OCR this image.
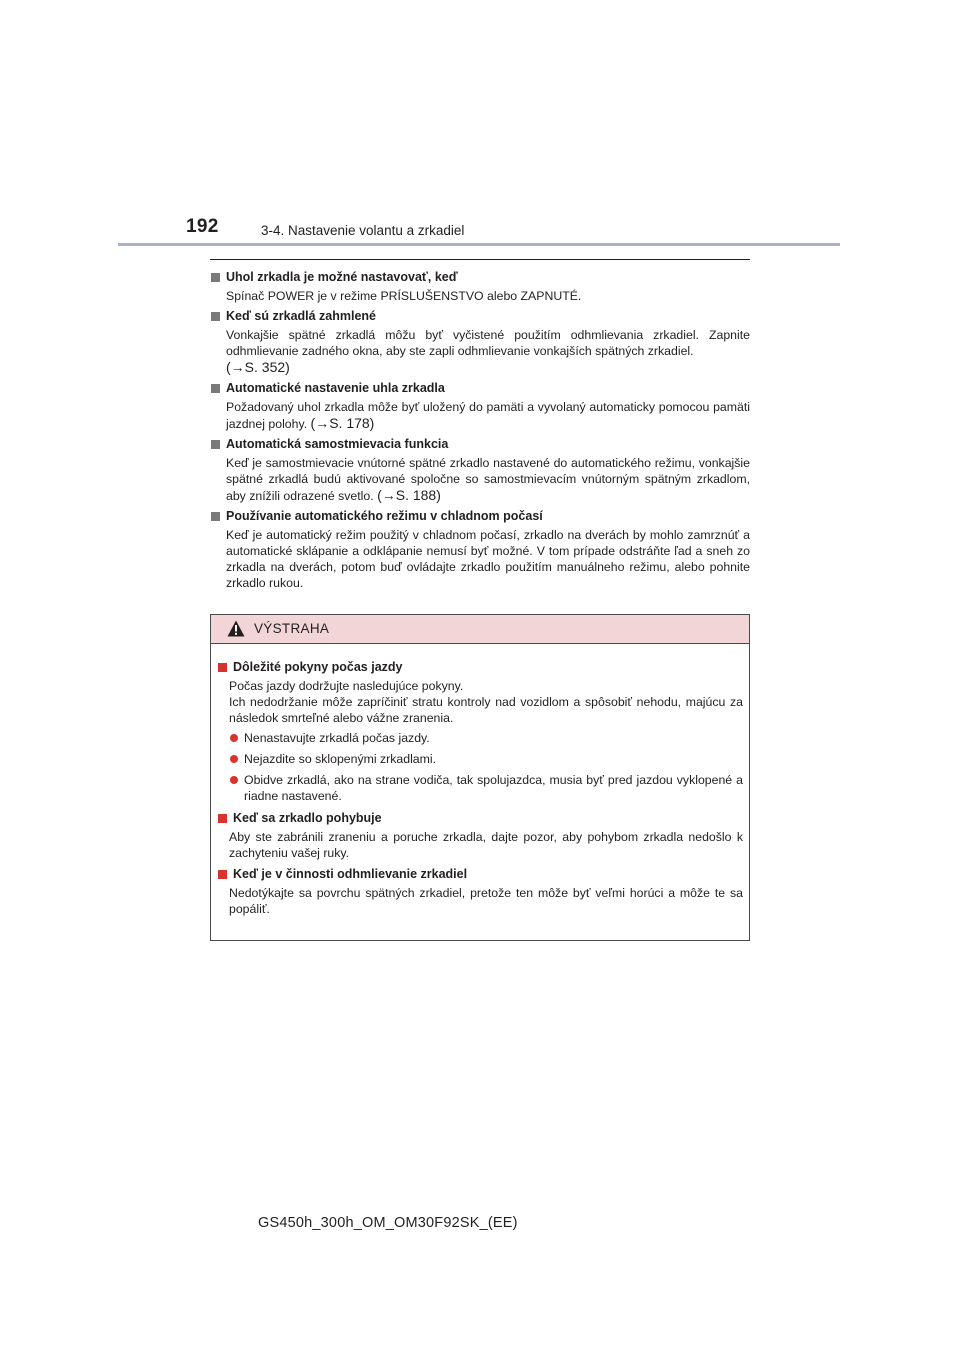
192	3-4. Nastavenie volantu a zrkadiel
Uhol zrkadla je možné nastavovať, keď

Spínač POWER je v režime PRÍSLUŠENSTVO alebo ZAPNUTÉ.

Keď sú zrkadlá zahmlené

Vonkajšie spätné zrkadlá môžu byť vyčistené použitím odhmlievania zrkadiel. Zapnite odhmlievanie zadného okna, aby ste zapli odhmlievanie vonkajších spätných zrkadiel.

(→S. 352)

Automatické nastavenie uhla zrkadla

Požadovaný uhol zrkadla môže byť uložený do pamäti a vyvolaný automaticky pomocou pamäti jazdnej polohy. (→S. 178)

Automatická samostmievacia funkcia

Keď je samostmievacie vnútorné spätné zrkadlo nastavené do automatického režimu, vonkajšie spätné zrkadlá budú aktivované spoločne so samostmievacím vnútorným spätným zrkadlom, aby znížili odrazené svetlo. (→S. 188)

Používanie automatického režimu v chladnom počasí

Keď je automatický režim použitý v chladnom počasí, zrkadlo na dverách by mohlo zamrznúť a automatické sklápanie a odklápanie nemusí byť možné. V tom prípade odstráňte ľad a sneh zo zrkadla na dverách, potom buď ovládajte zrkadlo použitím manuálneho režimu, alebo pohnite zrkadlo rukou.

VÝSTRAHA
Dôležité pokyny počas jazdy

Počas jazdy dodržujte nasledujúce pokyny.

Ich nedodržanie môže zapríčiniť stratu kontroly nad vozidlom a spôsobiť nehodu, majúcu za následok smrteľné alebo vážne zranenia.

Nenastavujte zrkadlá počas jazdy.
Nejazdite so sklopenými zrkadlami.
Obidve zrkadlá, ako na strane vodiča, tak spolujazdca, musia byť pred jazdou vyklopené a riadne nastavené.
Keď sa zrkadlo pohybuje

Aby ste zabránili zraneniu a poruche zrkadla, dajte pozor, aby pohybom zrkadla nedošlo k zachyteniu vašej ruky.

Keď je v činnosti odhmlievanie zrkadiel

Nedotýkajte sa povrchu spätných zrkadiel, pretože ten môže byť veľmi horúci a môže te sa popáliť.

GS450h_300h_OM_OM30F92SK_(EE)
